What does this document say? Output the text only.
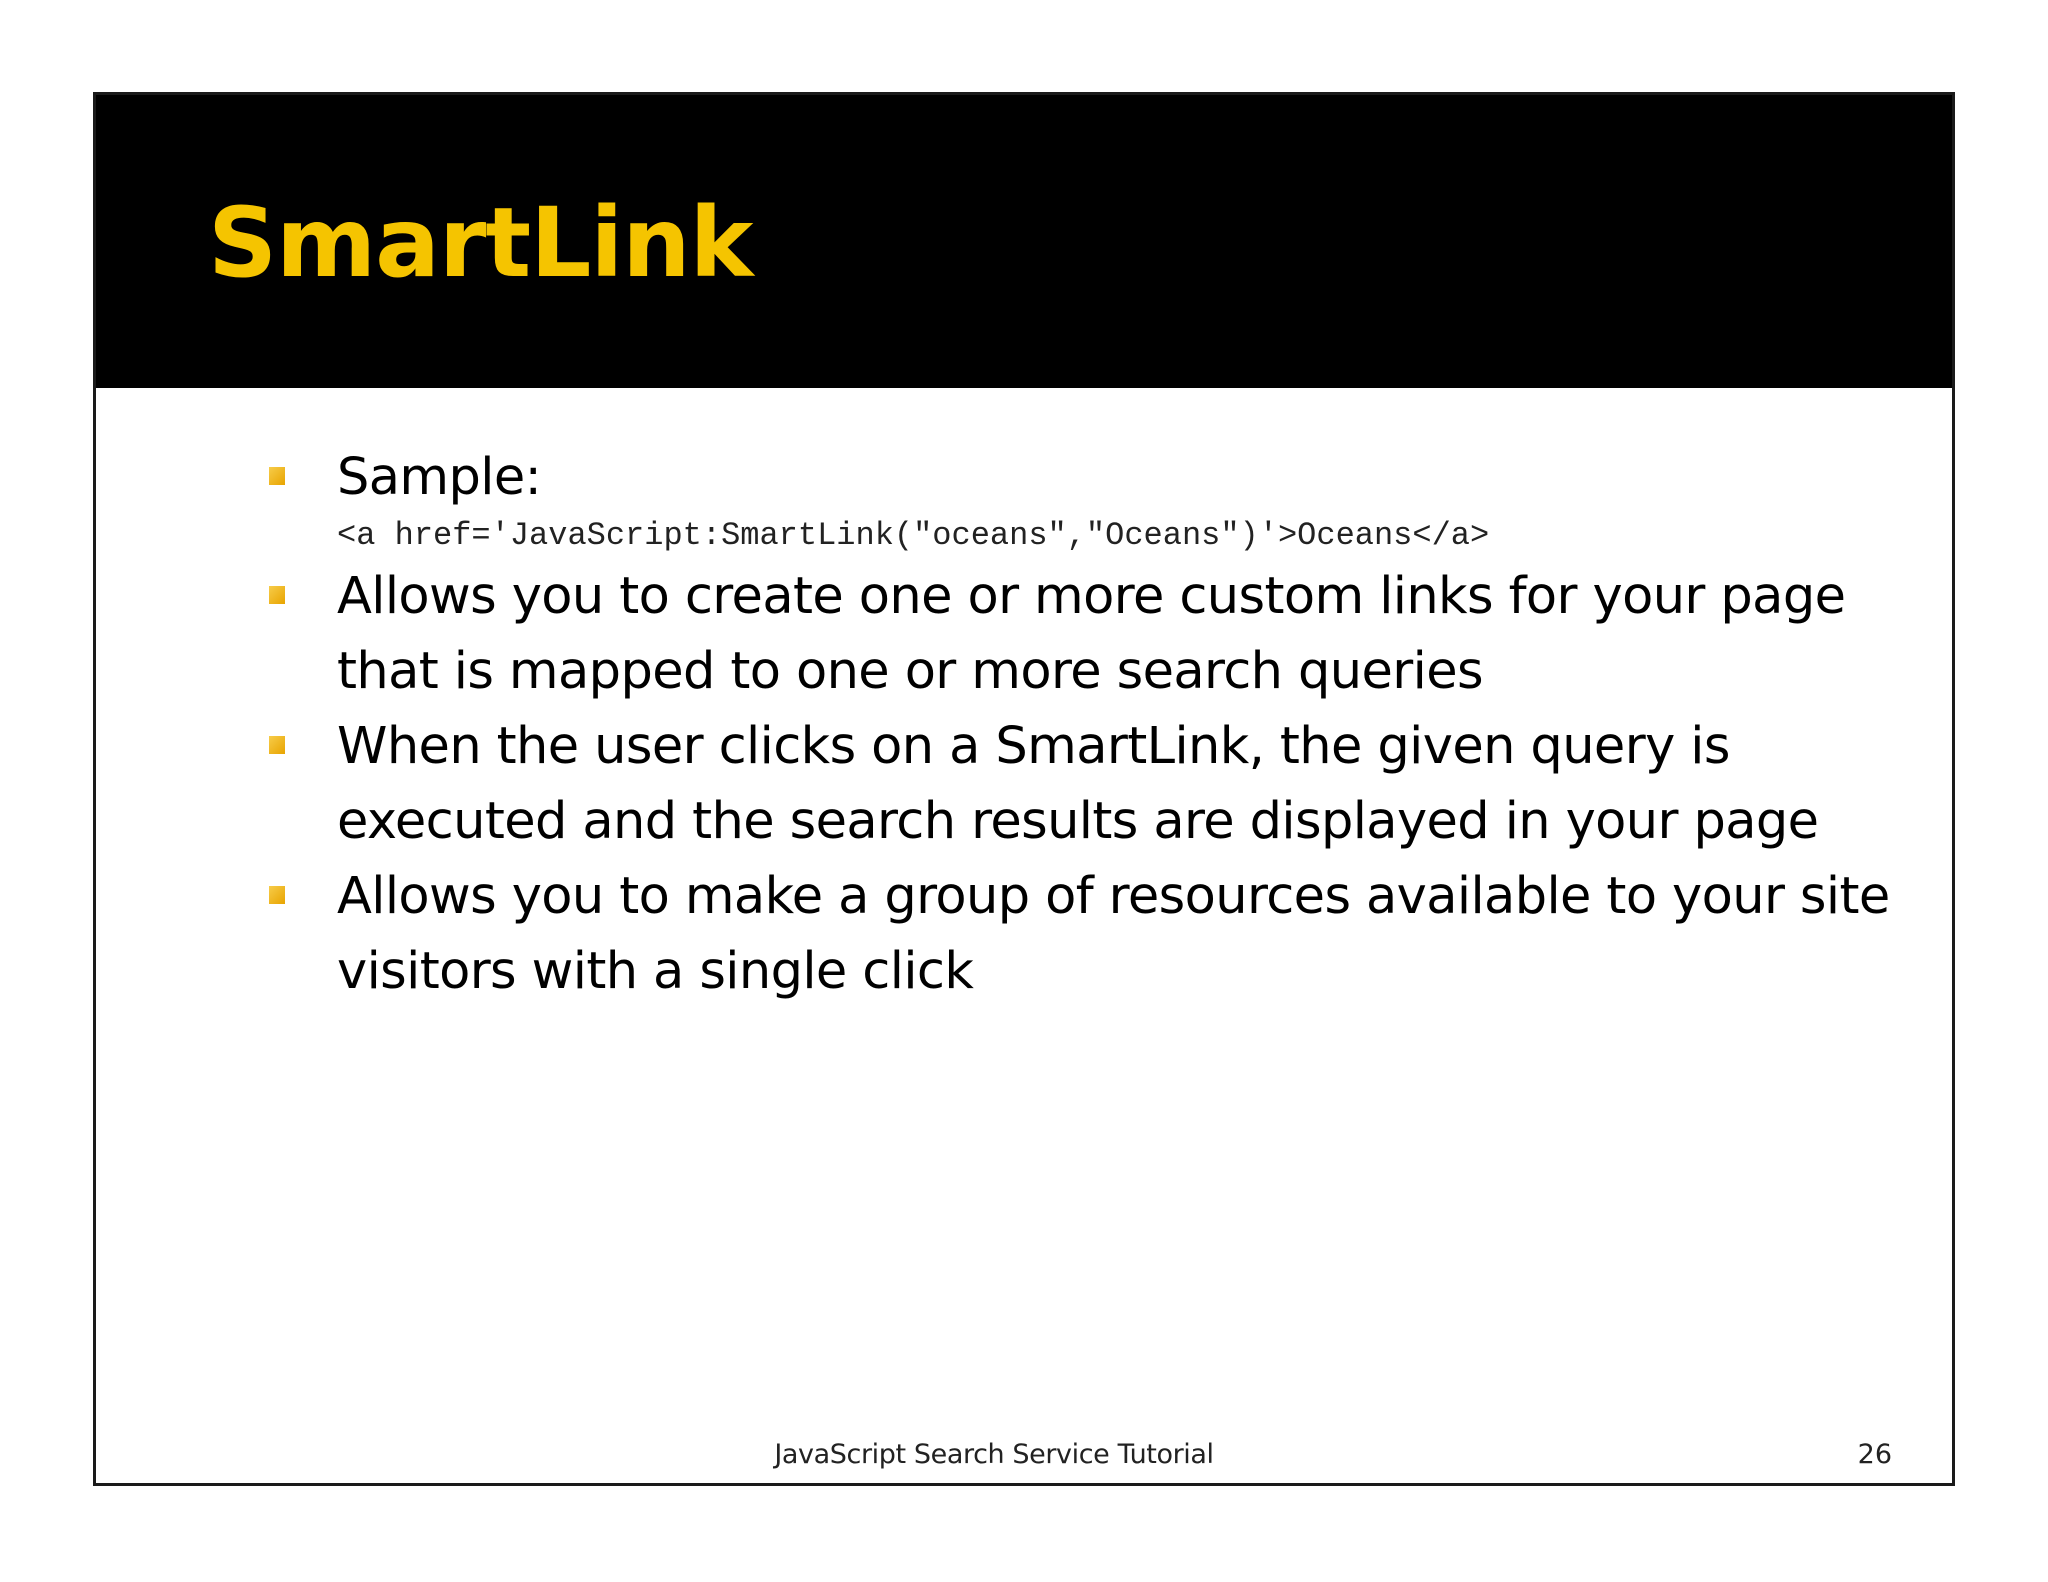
SmartLink
Sample:
<a href='JavaScript:SmartLink("oceans","Oceans")'>Oceans</a>
Allows you to create one or more custom links for your page that is mapped to one or more search queries
When the user clicks on a SmartLink, the given query is executed and the search results are displayed in your page
Allows you to make a group of resources available to your site visitors with a single click
JavaScript Search Service Tutorial	26
